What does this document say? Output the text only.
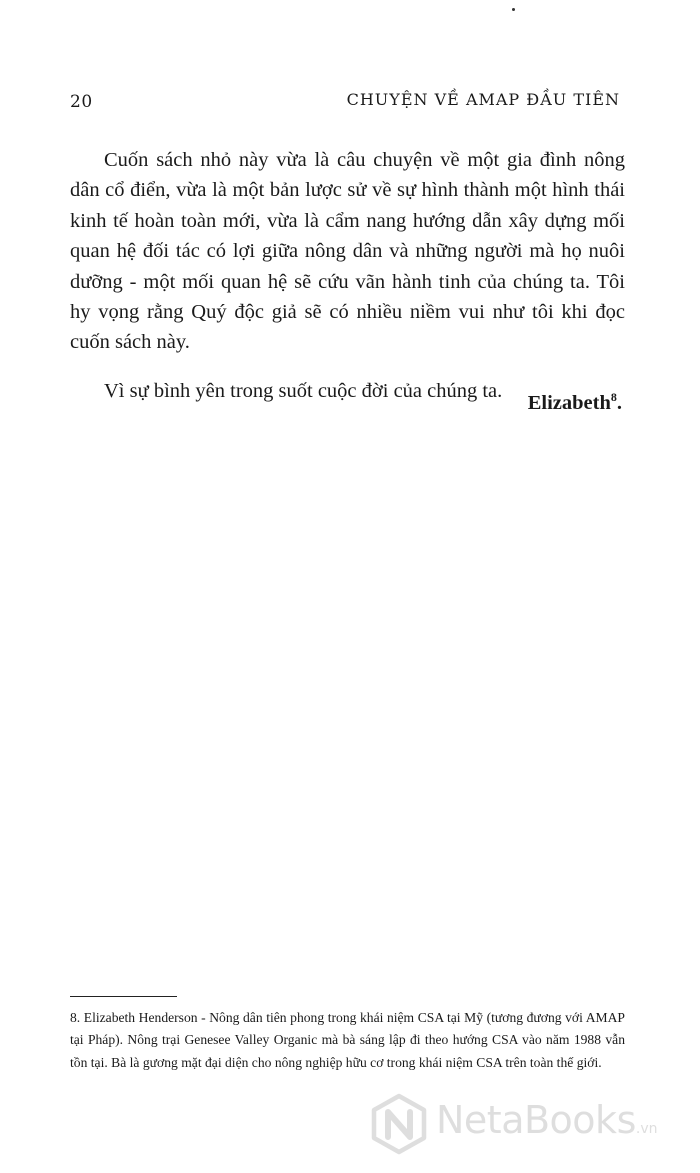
20	CHUYỆN VỀ AMAP ĐẦU TIÊN

Cuốn sách nhỏ này vừa là câu chuyện về một gia đình nông dân cổ điển, vừa là một bản lược sử về sự hình thành một hình thái kinh tế hoàn toàn mới, vừa là cẩm nang hướng dẫn xây dựng mối quan hệ đối tác có lợi giữa nông dân và những người mà họ nuôi dưỡng - một mối quan hệ sẽ cứu vãn hành tinh của chúng ta. Tôi hy vọng rằng Quý độc giả sẽ có nhiều niềm vui như tôi khi đọc cuốn sách này.

Vì sự bình yên trong suốt cuộc đời của chúng ta.

Elizabeth$^8$.

8. Elizabeth Henderson - Nông dân tiên phong trong khái niệm CSA tại Mỹ (tương đương với AMAP tại Pháp). Nông trại Genesee Valley Organic mà bà sáng lập đi theo hướng CSA vào năm 1988 vẫn tồn tại. Bà là gương mặt đại diện cho nông nghiệp hữu cơ trong khái niệm CSA trên toàn thế giới.

NetaBooks.vn
